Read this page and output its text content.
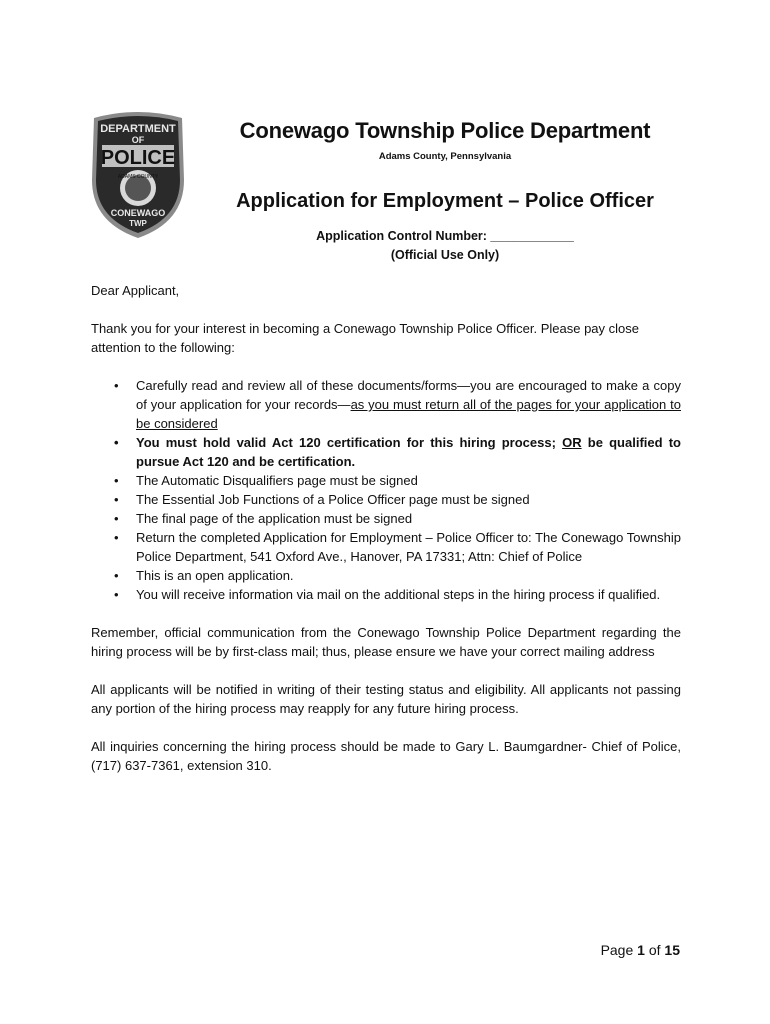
DEPARTMENT
OF
POLICE
ADAMS COUNTY
CONEWAGO
TWP
Conewago Township Police Department
Adams County, Pennsylvania
Application for Employment – Police Officer
Application Control Number: ____________
(Official Use Only)

Dear Applicant,

Thank you for your interest in becoming a Conewago Township Police Officer. Please pay close attention to the following:

• Carefully read and review all of these documents/forms—you are encouraged to make a copy of your application for your records—as you must return all of the pages for your application to be considered
• You must hold valid Act 120 certification for this hiring process; OR be qualified to pursue Act 120 and be certification.
• The Automatic Disqualifiers page must be signed
• The Essential Job Functions of a Police Officer page must be signed
• The final page of the application must be signed
• Return the completed Application for Employment – Police Officer to: The Conewago Township Police Department, 541 Oxford Ave., Hanover, PA 17331; Attn: Chief of Police
• This is an open application.
• You will receive information via mail on the additional steps in the hiring process if qualified.

Remember, official communication from the Conewago Township Police Department regarding the hiring process will be by first-class mail; thus, please ensure we have your correct mailing address

All applicants will be notified in writing of their testing status and eligibility. All applicants not passing any portion of the hiring process may reapply for any future hiring process.

All inquiries concerning the hiring process should be made to Gary L. Baumgardner- Chief of Police, (717) 637-7361, extension 310.

Page 1 of 15
